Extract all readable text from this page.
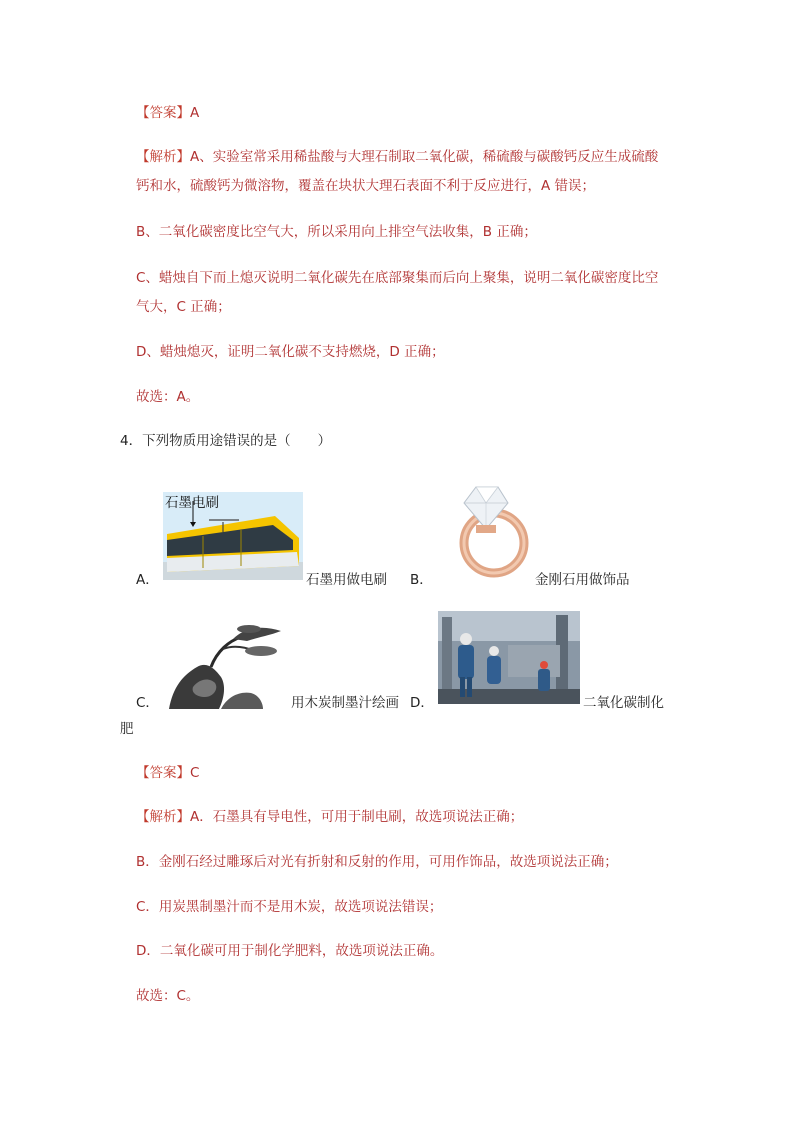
【答案】A
【解析】A、实验室常采用稀盐酸与大理石制取二氧化碳，稀硫酸与碳酸钙反应生成硫酸
钙和水，硫酸钙为微溶物，覆盖在块状大理石表面不利于反应进行，A 错误；
B、二氧化碳密度比空气大，所以采用向上排空气法收集，B 正确；
C、蜡烛自下而上熄灭说明二氧化碳先在底部聚集而后向上聚集，说明二氧化碳密度比空
气大，C 正确；
D、蜡烛熄灭，证明二氧化碳不支持燃烧，D 正确；
故选：A。
4．下列物质用途错误的是（　　）
A．
石墨电刷
石墨用做电刷 B．	金刚石用做饰品
C．	用木炭制墨汁绘画 D．	二氧化碳制化
肥
【答案】C
【解析】A．石墨具有导电性，可用于制电刷，故选项说法正确；
B．金刚石经过雕琢后对光有折射和反射的作用，可用作饰品，故选项说法正确；
C．用炭黑制墨汁而不是用木炭，故选项说法错误；
D．二氧化碳可用于制化学肥料，故选项说法正确。
故选：C。
